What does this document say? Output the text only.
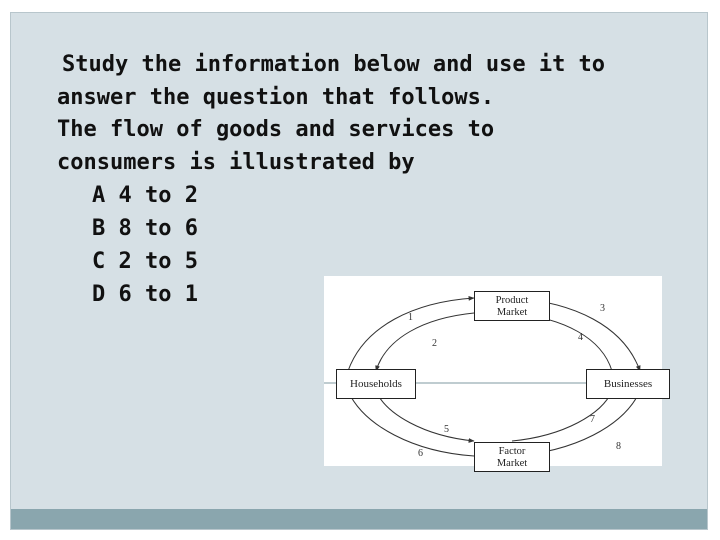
Study the information below and use it to
answer the question that follows.
The flow of goods and services to
consumers is illustrated by
A 4 to 2
B 8 to 6
C 2 to 5
D 6 to 1	Product
Market
Factor
Market
Households	Businesses
1
2
3
4
5
6
7
8
